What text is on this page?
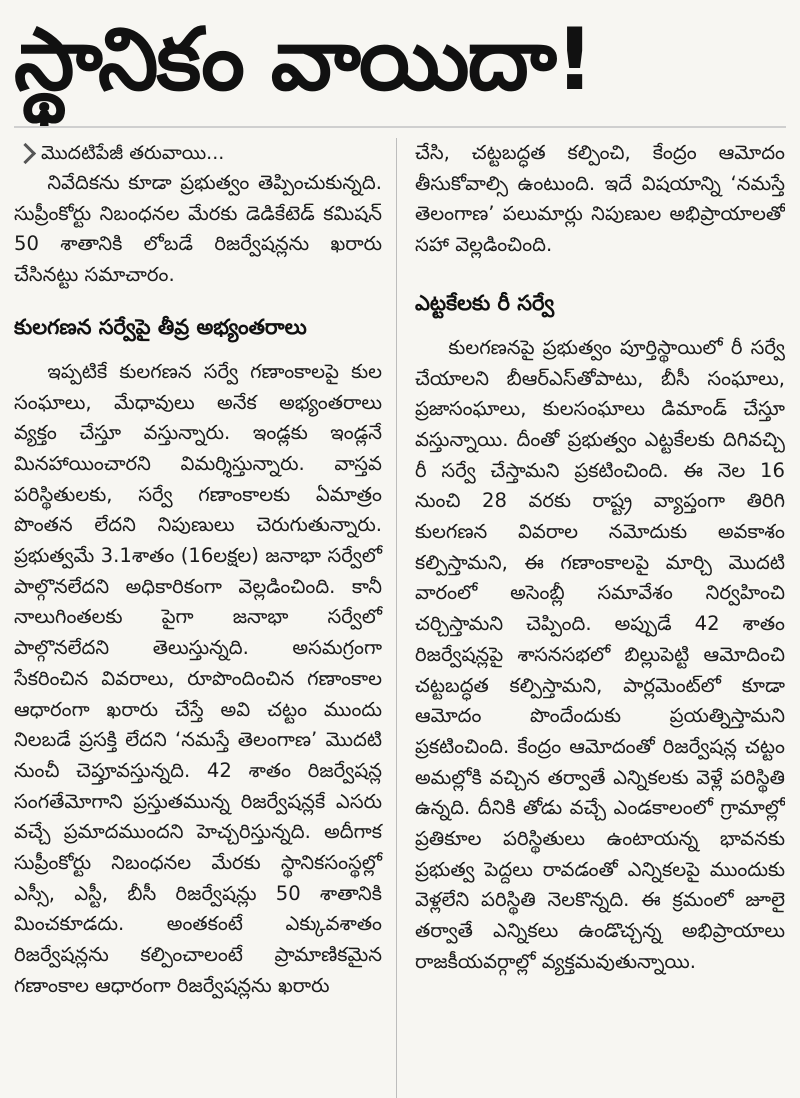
స్థానికం వాయిదా!
మొదటిపేజీ తరువాయి...

నివేదికను కూడా ప్రభుత్వం తెప్పించుకున్నది. సుప్రీంకోర్టు నిబంధనల మేరకు డెడికేటెడ్ కమిషన్ 50 శాతానికి లోబడే రిజర్వేషన్లను ఖరారు చేసినట్టు సమాచారం.

కులగణన సర్వేపై తీవ్ర అభ్యంతరాలు

ఇప్పటికే కులగణన సర్వే గణాంకాలపై కుల సంఘాలు, మేధావులు అనేక అభ్యంతరాలు వ్యక్తం చేస్తూ వస్తున్నారు. ఇండ్లకు ఇండ్లనే మినహాయించారని విమర్శిస్తున్నారు. వాస్తవ పరిస్థితులకు, సర్వే గణాంకాలకు ఏమాత్రం పొంతన లేదని నిపుణులు చెరుగుతున్నారు. ప్రభుత్వమే 3.1శాతం (16లక్షల) జనాభా సర్వేలో పాల్గొనలేదని అధికారికంగా వెల్లడించింది. కానీ నాలుగింతలకు పైగా జనాభా సర్వేలో పాల్గొనలేదని తెలుస్తున్నది. అసమగ్రంగా సేకరించిన వివరాలు, రూపొందించిన గణాంకాల ఆధారంగా ఖరారు చేస్తే అవి చట్టం ముందు నిలబడే ప్రసక్తి లేదని ‘నమస్తే తెలంగాణ’ మొదటి నుంచీ చెప్తూవస్తున్నది. 42 శాతం రిజర్వేషన్ల సంగతేమోగాని ప్రస్తుతమున్న రిజర్వేషన్లకే ఎసరు వచ్చే ప్రమాదముందని హెచ్చరిస్తున్నది. అదీగాక సుప్రీంకోర్టు నిబంధనల మేరకు స్థానికసంస్థల్లో ఎస్సీ, ఎస్టీ, బీసీ రిజర్వేషన్లు 50 శాతానికి మించకూడదు. అంతకంటే ఎక్కువశాతం రిజర్వేషన్లను కల్పించాలంటే ప్రామాణికమైన గణాంకాల ఆధారంగా రిజర్వేషన్లను ఖరారు

చేసి, చట్టబద్ధత కల్పించి, కేంద్రం ఆమోదం తీసుకోవాల్సి ఉంటుంది. ఇదే విషయాన్ని ‘నమస్తే తెలంగాణ’ పలుమార్లు నిపుణుల అభిప్రాయాలతో సహా వెల్లడించింది.

ఎట్టకేలకు రీ సర్వే

కులగణనపై ప్రభుత్వం పూర్తిస్థాయిలో రీ సర్వే చేయాలని బీఆర్ఎస్‌తోపాటు, బీసీ సంఘాలు, ప్రజాసంఘాలు, కులసంఘాలు డిమాండ్ చేస్తూ వస్తున్నాయి. దీంతో ప్రభుత్వం ఎట్టకేలకు దిగివచ్చి రీ సర్వే చేస్తామని ప్రకటించింది. ఈ నెల 16 నుంచి 28 వరకు రాష్ట్ర వ్యాప్తంగా తిరిగి కులగణన వివరాల నమోదుకు అవకాశం కల్పిస్తామని, ఈ గణాంకాలపై మార్చి మొదటి వారంలో అసెంబ్లీ సమావేశం నిర్వహించి చర్చిస్తామని చెప్పింది. అప్పుడే 42 శాతం రిజర్వేషన్లపై శాసనసభలో బిల్లుపెట్టి ఆమోదించి చట్టబద్ధత కల్పిస్తామని, పార్లమెంట్‌లో కూడా ఆమోదం పొందేందుకు ప్రయత్నిస్తామని ప్రకటించింది. కేంద్రం ఆమోదంతో రిజర్వేషన్ల చట్టం అమల్లోకి వచ్చిన తర్వాతే ఎన్నికలకు వెళ్లే పరిస్థితి ఉన్నది. దీనికి తోడు వచ్చే ఎండకాలంలో గ్రామాల్లో ప్రతికూల పరిస్థితులు ఉంటాయన్న భావనకు ప్రభుత్వ పెద్దలు రావడంతో ఎన్నికలపై ముందుకు వెళ్లలేని పరిస్థితి నెలకొన్నది. ఈ క్రమంలో జూలై తర్వాతే ఎన్నికలు ఉండొచ్చన్న అభిప్రాయాలు రాజకీయవర్గాల్లో వ్యక్తమవుతున్నాయి.
